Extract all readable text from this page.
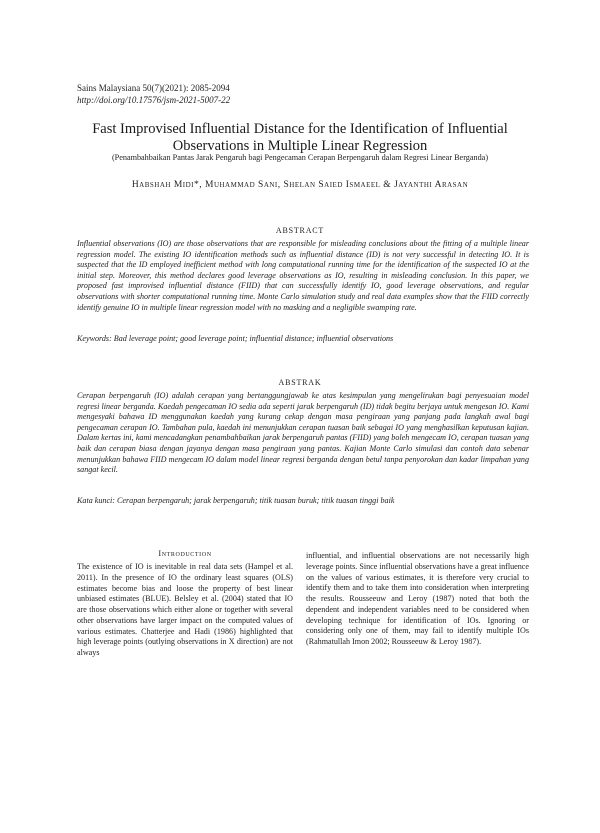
Sains Malaysiana 50(7)(2021): 2085-2094
http://doi.org/10.17576/jsm-2021-5007-22
Fast Improvised Influential Distance for the Identification of Influential Observations in Multiple Linear Regression
(Penambahbaikan Pantas Jarak Pengaruh bagi Pengecaman Cerapan Berpengaruh dalam Regresi Linear Berganda)
Habshah Midi*, Muhammad Sani, Shelan Saied Ismaeel & Jayanthi Arasan
ABSTRACT
Influential observations (IO) are those observations that are responsible for misleading conclusions about the fitting of a multiple linear regression model. The existing IO identification methods such as influential distance (ID) is not very successful in detecting IO. It is suspected that the ID employed inefficient method with long computational running time for the identification of the suspected IO at the initial step. Moreover, this method declares good leverage observations as IO, resulting in misleading conclusion. In this paper, we proposed fast improvised influential distance (FIID) that can successfully identify IO, good leverage observations, and regular observations with shorter computational running time. Monte Carlo simulation study and real data examples show that the FIID correctly identify genuine IO in multiple linear regression model with no masking and a negligible swamping rate.
Keywords: Bad leverage point; good leverage point; influential distance; influential observations
ABSTRAK
Cerapan berpengaruh (IO) adalah cerapan yang bertanggungjawab ke atas kesimpulan yang mengelirukan bagi penyesuaian model regresi linear berganda. Kaedah pengecaman IO sedia ada seperti jarak berpengaruh (ID) tidak begitu berjaya untuk mengesan IO. Kami mengesyaki bahawa ID menggunakan kaedah yang kurang cekap dengan masa pengiraan yang panjang pada langkah awal bagi pengecaman cerapan IO. Tambahan pula, kaedah ini menunjukkan cerapan tuasan baik sebagai IO yang menghasilkan keputusan kajian. Dalam kertas ini, kami mencadangkan penambahbaikan jarak berpengaruh pantas (FIID) yang boleh mengecam IO, cerapan tuasan yang baik dan cerapan biasa dengan jayanya dengan masa pengiraan yang pantas. Kajian Monte Carlo simulasi dan contoh data sebenar menunjukkan bahawa FIID mengecam IO dalam model linear regresi berganda dengan betul tanpa penyorokan dan kadar limpahan yang sangat kecil.
Kata kunci: Cerapan berpengaruh; jarak berpengaruh; titik tuasan buruk; titik tuasan tinggi baik
Introduction
The existence of IO is inevitable in real data sets (Hampel et al. 2011). In the presence of IO the ordinary least squares (OLS) estimates become bias and loose the property of best linear unbiased estimates (BLUE). Belsley et al. (2004) stated that IO are those observations which either alone or together with several other observations have larger impact on the computed values of various estimates. Chatterjee and Hadi (1986) highlighted that high leverage points (outlying observations in X direction) are not always
influential, and influential observations are not necessarily high leverage points. Since influential observations have a great influence on the values of various estimates, it is therefore very crucial to identify them and to take them into consideration when interpreting the results. Rousseeuw and Leroy (1987) noted that both the dependent and independent variables need to be considered when developing technique for identification of IOs. Ignoring or considering only one of them, may fail to identify multiple IOs (Rahmatullah Imon 2002; Rousseeuw & Leroy 1987).
